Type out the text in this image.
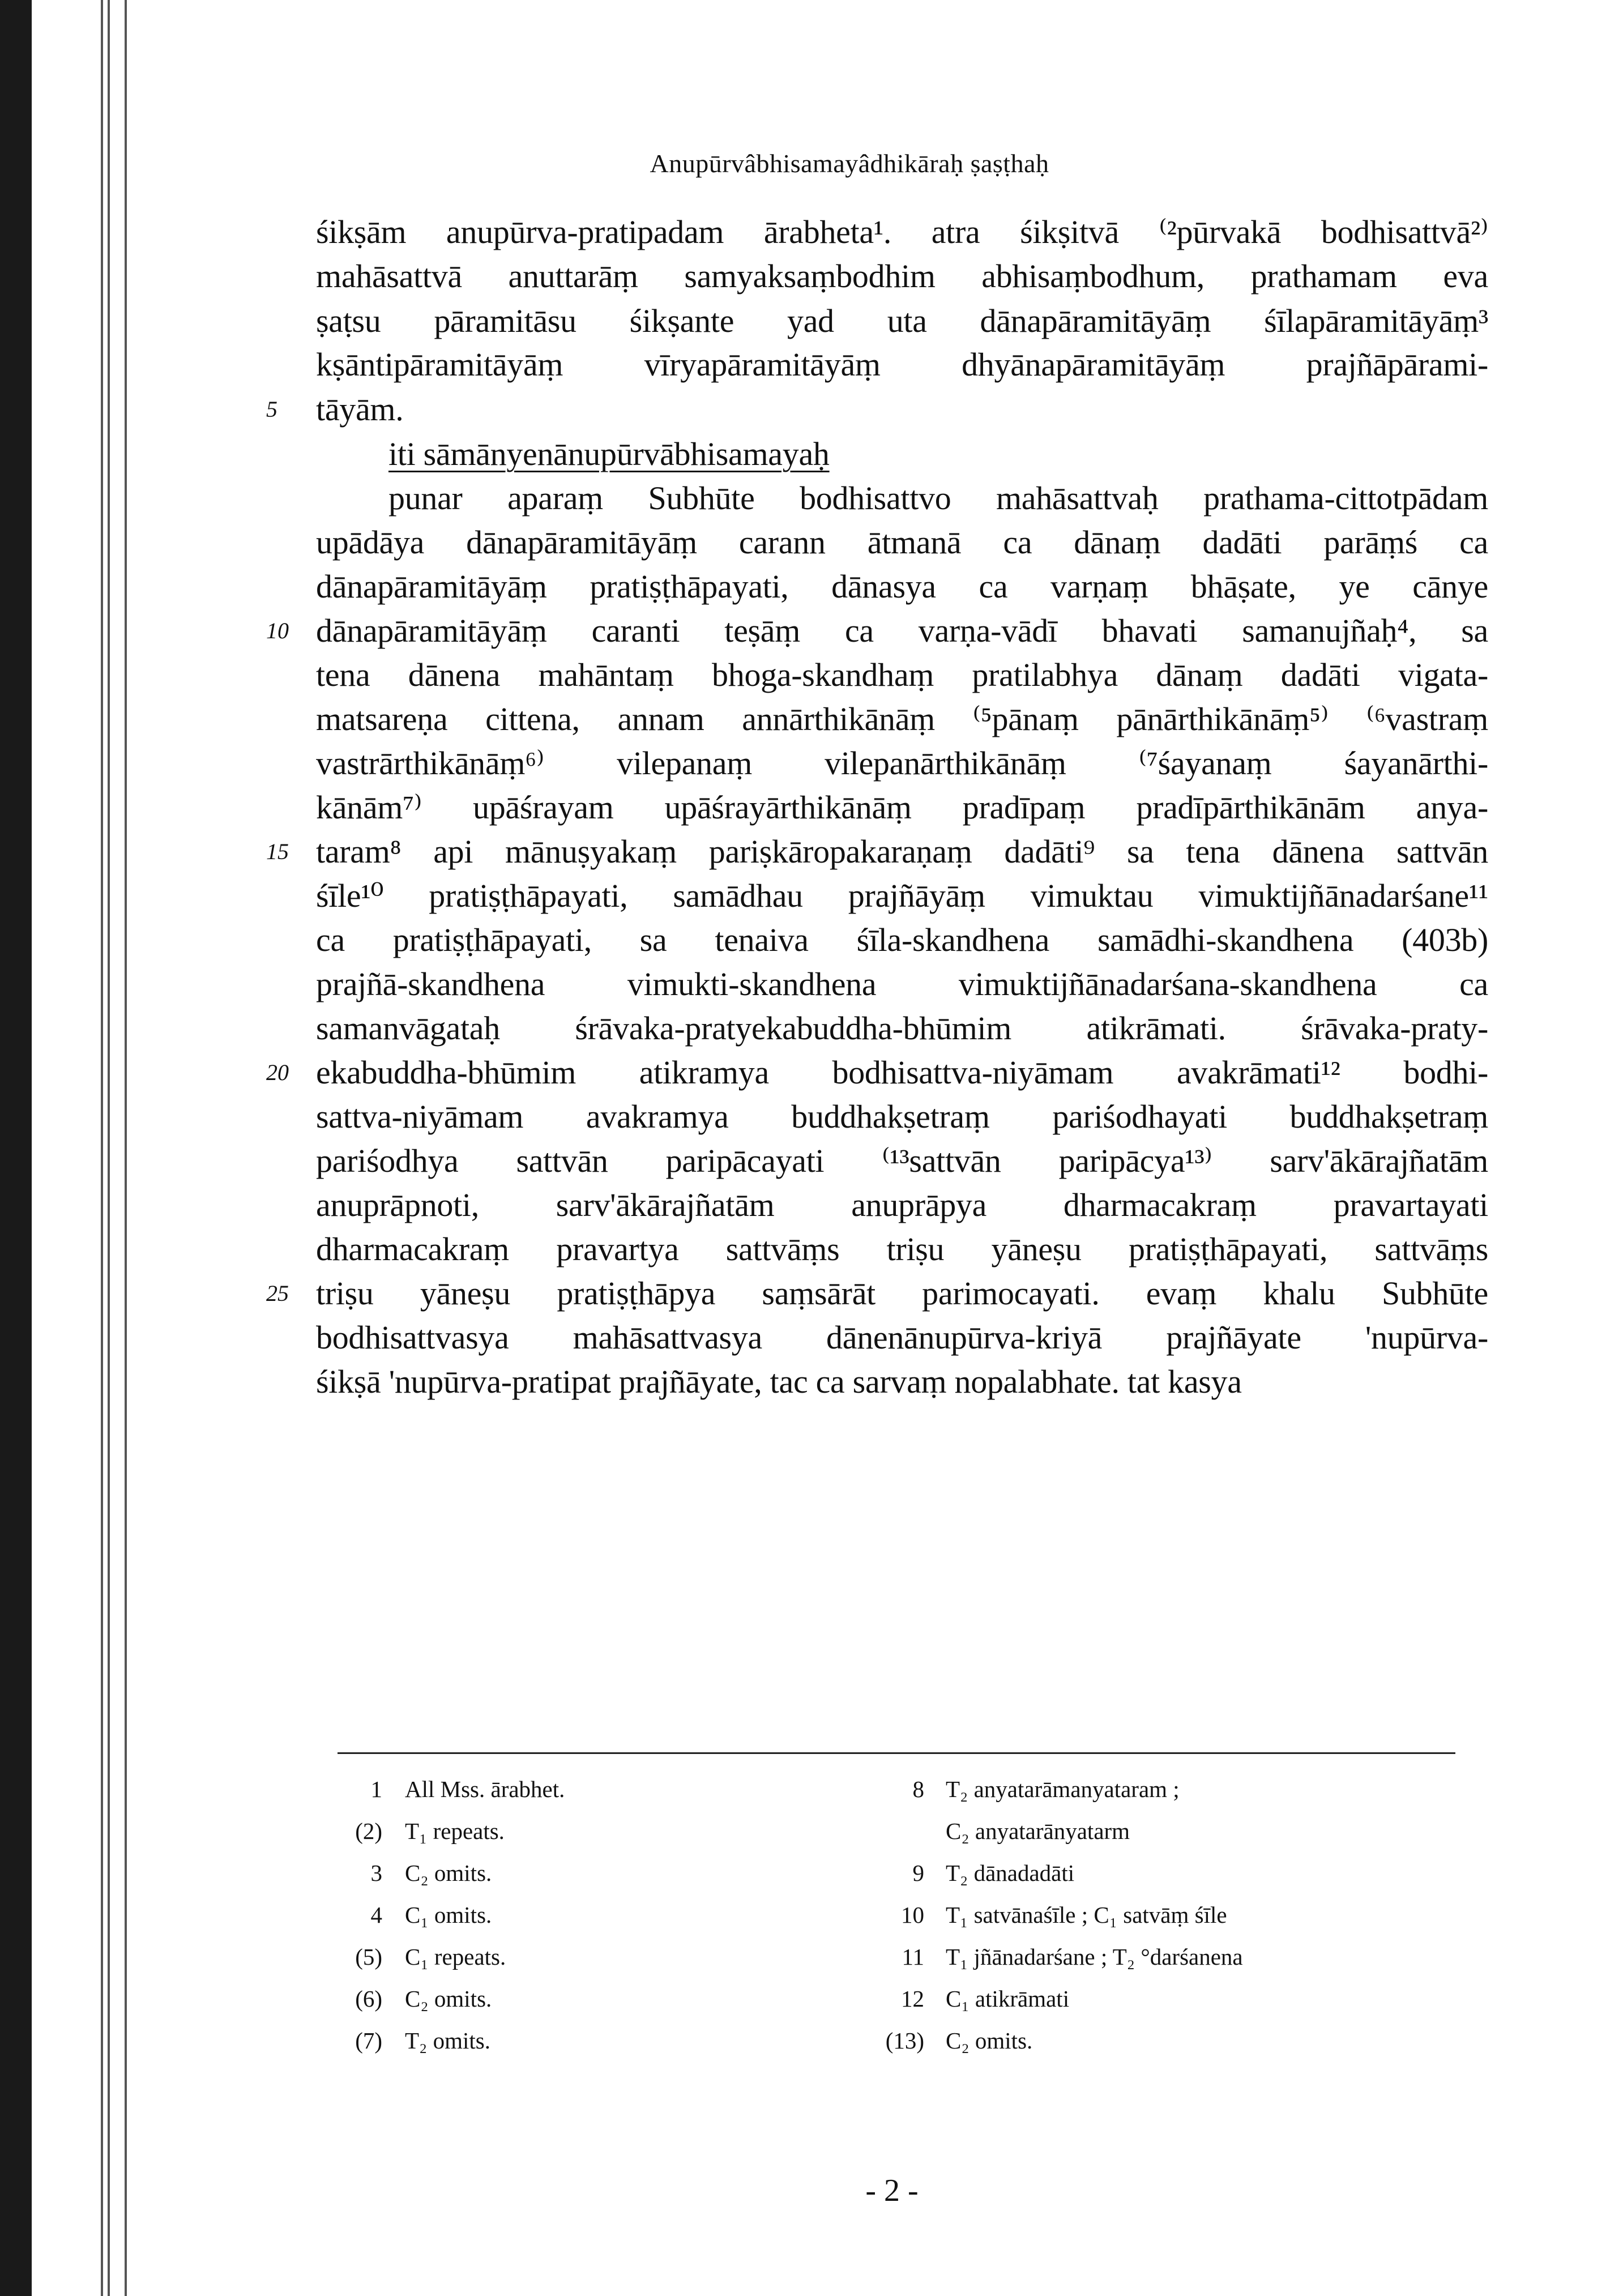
Anupūrvâbhisamayâdhikāraḥ ṣaṣṭhaḥ
śikṣām anupūrva-pratipadam ārabheta¹. atra śikṣitvā ⁽²pūrvakā bodhisattvā²⁾
mahāsattvā anuttarāṃ samyaksaṃbodhim abhisaṃbodhum, prathamam eva
ṣaṭsu pāramitāsu śikṣante yad uta dānapāramitāyāṃ śīlapāramitāyāṃ³
kṣāntipāramitāyāṃ vīryapāramitāyāṃ dhyānapāramitāyāṃ prajñāpārami-
tāyām.
iti sāmānyenānupūrvābhisamayaḥ
punar aparaṃ Subhūte bodhisattvo mahāsattvaḥ prathama-cittotpādam
upādāya dānapāramitāyāṃ carann ātmanā ca dānaṃ dadāti parāṃś ca
dānapāramitāyāṃ pratiṣṭhāpayati, dānasya ca varṇaṃ bhāṣate, ye cānye
dānapāramitāyāṃ caranti teṣāṃ ca varṇa-vādī bhavati samanujñaḥ⁴, sa
tena dānena mahāntaṃ bhoga-skandhaṃ pratilabhya dānaṃ dadāti vigata-
matsareṇa cittena, annam annārthikānāṃ ⁽⁵pānaṃ pānārthikānāṃ⁵⁾ ⁽⁶vastraṃ
vastrārthikānāṃ⁶⁾ vilepanaṃ vilepanārthikānāṃ ⁽⁷śayanaṃ śayanārthi-
kānām⁷⁾ upāśrayam upāśrayārthikānāṃ pradīpaṃ pradīpārthikānām anya-
taram⁸ api mānuṣyakaṃ pariṣkāropakaraṇaṃ dadāti⁹ sa tena dānena sattvān
śīle¹⁰ pratiṣṭhāpayati, samādhau prajñāyāṃ vimuktau vimuktijñānadarśane¹¹
ca pratiṣṭhāpayati, sa tenaiva śīla-skandhena samādhi-skandhena (403b)
prajñā-skandhena vimukti-skandhena vimuktijñānadarśana-skandhena ca
samanvāgataḥ śrāvaka-pratyekabuddha-bhūmim atikrāmati. śrāvaka-praty-
ekabuddha-bhūmim atikramya bodhisattva-niyāmam avakrāmati¹² bodhi-
sattva-niyāmam avakramya buddhakṣetraṃ pariśodhayati buddhakṣetraṃ
pariśodhya sattvān paripācayati ⁽¹³sattvān paripācya¹³⁾ sarv'ākārajñatām
anuprāpnoti, sarv'ākārajñatām anuprāpya dharmacakraṃ pravartayati
dharmacakraṃ pravartya sattvāṃs triṣu yāneṣu pratiṣṭhāpayati, sattvāṃs
triṣu yāneṣu pratiṣṭhāpya saṃsārāt parimocayati. evaṃ khalu Subhūte
bodhisattvasya mahāsattvasya dānenānupūrva-kriyā prajñāyate 'nupūrva-
śikṣā 'nupūrva-pratipat prajñāyate, tac ca sarvaṃ nopalabhate. tat kasya
5
10
15
20
25
1 All Mss. ārabhet.
(2) T₁ repeats.
3 C₂ omits.
4 C₁ omits.
(5) C₁ repeats.
(6) C₂ omits.
(7) T₂ omits.
8 T₂ anyatarāmanyataram ;
C₂ anyatarānyatarm
9 T₂ dānadadāti
10 T₁ satvānaśīle ; C₁ satvāṃ śīle
11 T₁ jñānadarśane ; T₂ °darśanena
12 C₁ atikrāmati
(13) C₂ omits.
- 2 -
